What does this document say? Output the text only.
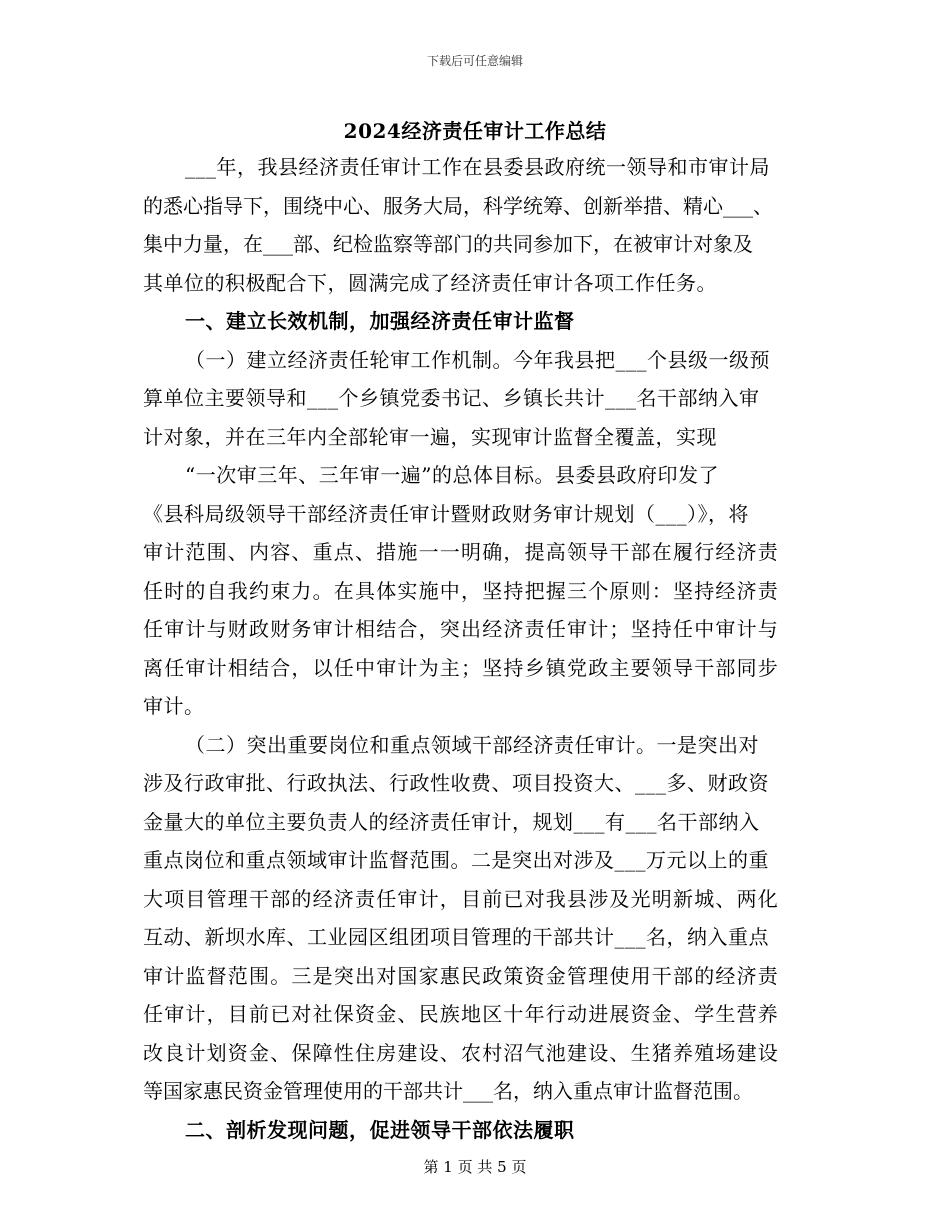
下载后可任意编辑
2024经济责任审计工作总结
___年，我县经济责任审计工作在县委县政府统一领导和市审计局
的悉心指导下，围绕中心、服务大局，科学统筹、创新举措、精心___、
集中力量，在___部、纪检监察等部门的共同参加下，在被审计对象及
其单位的积极配合下，圆满完成了经济责任审计各项工作任务。
一、建立长效机制，加强经济责任审计监督
（一）建立经济责任轮审工作机制。今年我县把___个县级一级预
算单位主要领导和___个乡镇党委书记、乡镇长共计___名干部纳入审
计对象，并在三年内全部轮审一遍，实现审计监督全覆盖，实现
“一次审三年、三年审一遍”的总体目标。县委县政府印发了
《县科局级领导干部经济责任审计暨财政财务审计规划（___）》，将
审计范围、内容、重点、措施一一明确，提高领导干部在履行经济责
任时的自我约束力。在具体实施中，坚持把握三个原则：坚持经济责
任审计与财政财务审计相结合，突出经济责任审计；坚持任中审计与
离任审计相结合，以任中审计为主；坚持乡镇党政主要领导干部同步
审计。
（二）突出重要岗位和重点领域干部经济责任审计。一是突出对
涉及行政审批、行政执法、行政性收费、项目投资大、___多、财政资
金量大的单位主要负责人的经济责任审计，规划___有___名干部纳入
重点岗位和重点领域审计监督范围。二是突出对涉及___万元以上的重
大项目管理干部的经济责任审计，目前已对我县涉及光明新城、两化
互动、新坝水库、工业园区组团项目管理的干部共计___名，纳入重点
审计监督范围。三是突出对国家惠民政策资金管理使用干部的经济责
任审计，目前已对社保资金、民族地区十年行动进展资金、学生营养
改良计划资金、保障性住房建设、农村沼气池建设、生猪养殖场建设
等国家惠民资金管理使用的干部共计___名，纳入重点审计监督范围。
二、剖析发现问题，促进领导干部依法履职
第 1 页 共 5 页
